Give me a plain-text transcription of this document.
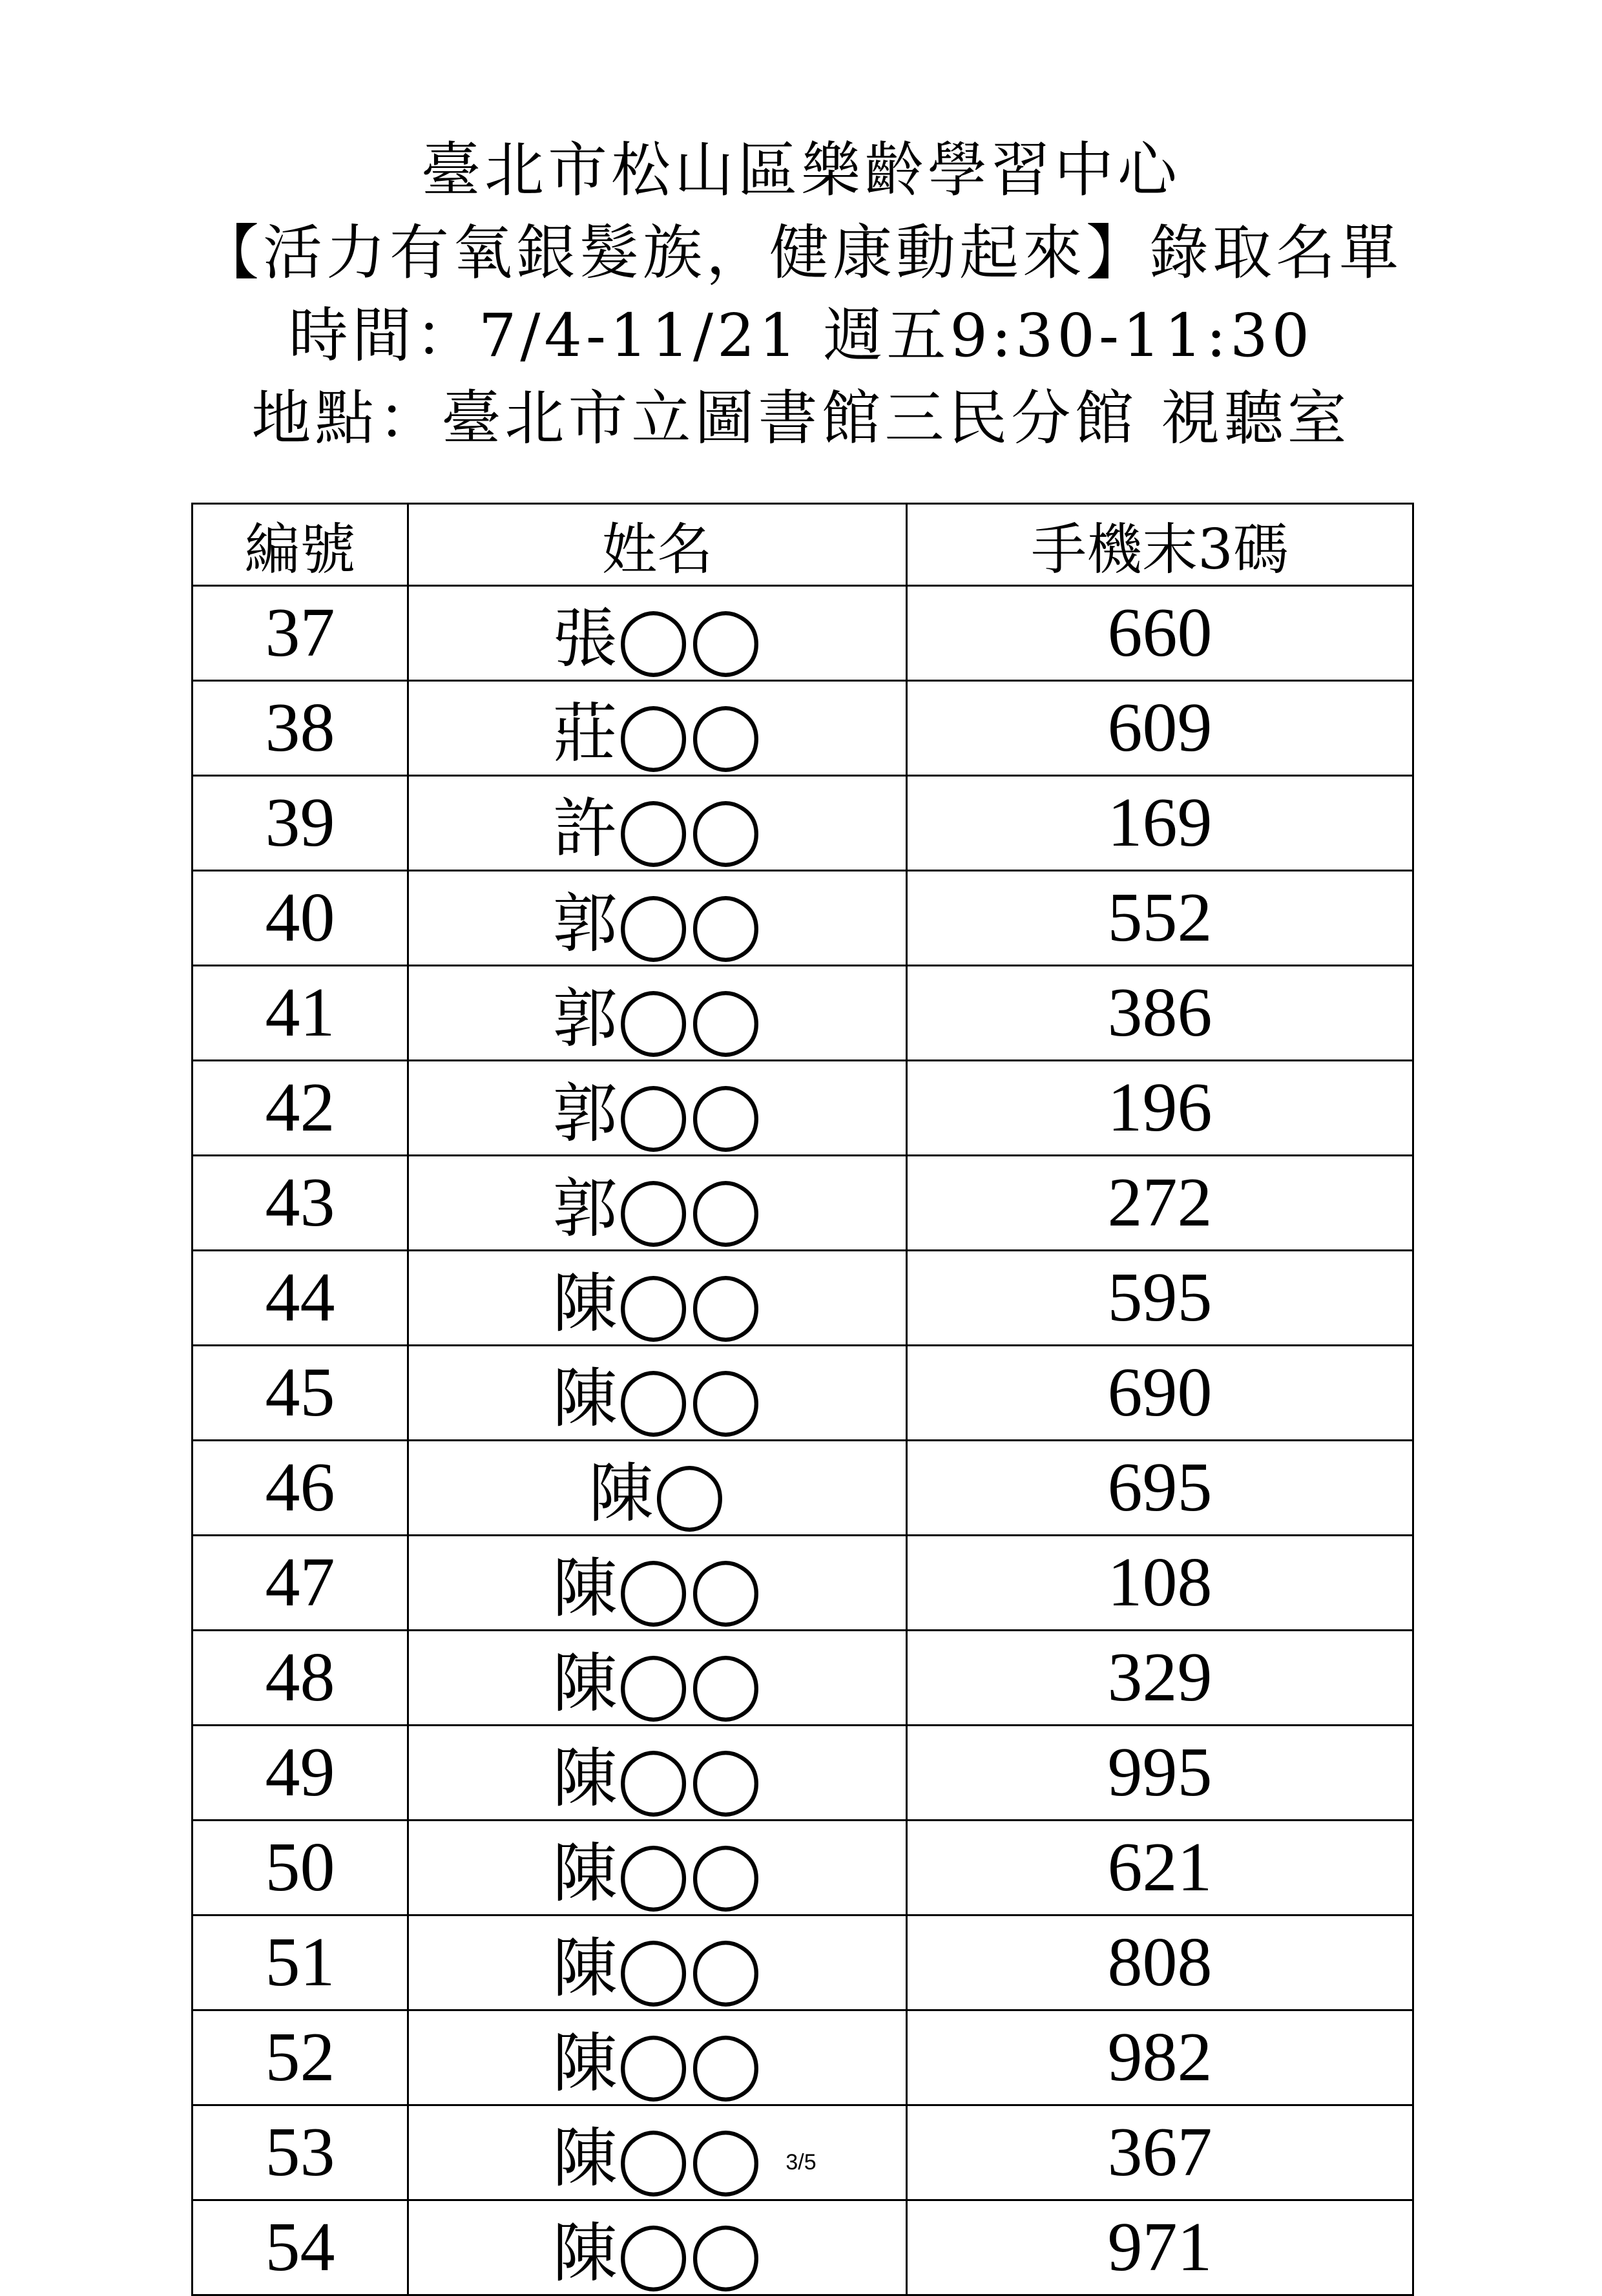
臺北市松山區樂齡學習中心
【活力有氧銀髮族，健康動起來】錄取名單
時間：7/4-11/21 週五9:30-11:30
地點：臺北市立圖書館三民分館 視聽室
編號	姓名	手機末3碼
37	張◯◯	660
38	莊◯◯	609
39	許◯◯	169
40	郭◯◯	552
41	郭◯◯	386
42	郭◯◯	196
43	郭◯◯	272
44	陳◯◯	595
45	陳◯◯	690
46	陳◯	695
47	陳◯◯	108
48	陳◯◯	329
49	陳◯◯	995
50	陳◯◯	621
51	陳◯◯	808
52	陳◯◯	982
53	陳◯◯	367
54	陳◯◯	971
3/5
